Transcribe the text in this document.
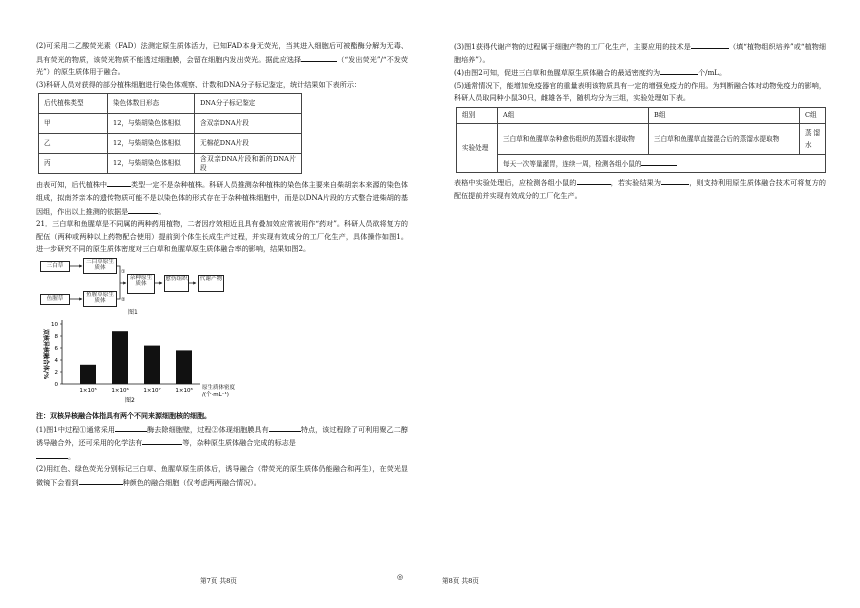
(2)可采用二乙酸荧光素（FAD）法测定原生质体活力，已知FAD本身无荧光，当其进入细胞后可被酯酶分解为无毒、具有荧光的物质，该荧光物质不能透过细胞膜，会留在细胞内发出荧光。据此应选择	（“发出荧光”/“不发荧光”）的原生质体用于融合。

(3)科研人员对获得的部分植株细胞进行染色体观察、计数和DNA分子标记鉴定，统计结果如下表所示：

后代植株类型	染色体数目形态	DNA分子标记鉴定
甲	12，与柴胡染色体相似	含双亲DNA片段
乙	12，与柴胡染色体相似	无棉花DNA片段
丙	12，与柴胡染色体相似	含双亲DNA片段和新的DNA片段

由表可知，后代植株中	类型一定不是杂种植株。科研人员推测杂种植株的染色体主要来自柴胡亲本来源的染色体组成，拟南芥亲本的遗传物质可能不是以染色体的形式存在于杂种植株细胞中，而是以DNA片段的方式整合进柴胡的基因组，作出以上推测的依据是	。

21．三白草和鱼腥草是不同属的两种药用植物，二者因疗效相近且具有叠加效应常被用作“药对”。科研人员欲将复方的配伍（两种或两种以上药物配合使用）提前到个体生长成生产过程，并实现有效成分的工厂化生产，具体操作如图1。进一步研究不同的原生质体密度对三白草和鱼腥草原生质体融合率的影响，结果如图2。

三白草
三白草原生质体
鱼腥草
鱼腥草原生质体
杂种原生质体
愈伤组织	代谢产物
①
②
图1
双核异核融合体/%
0
2
4
6
8
10
1×10⁵	1×10⁶	1×10⁷	1×10⁸ 原生质体密度
/(个·mL⁻¹)
图2

注：双核异核融合体指具有两个不同来源细胞核的细胞。

(1)图1中过程①通常采用	酶去除细胞壁，过程②体现细胞膜具有	特点，该过程除了可利用聚乙二醇诱导融合外，还可采用的化学法有	等，杂种原生质体融合完成的标志是
。

(2)用红色、绿色荧光分别标记三白草、鱼腥草原生质体后，诱导融合（带荧光的原生质体仍能融合和再生），在荧光显微镜下会看到	种颜色的融合细胞（仅考虑两两融合情况）。

第7页 共8页	◎

(3)图1获得代谢产物的过程属于细胞产物的工厂化生产，主要应用的技术是	（填“植物组织培养”或“植物细胞培养”）。

(4)由图2可知，促进三白草和鱼腥草原生质体融合的最适密度约为	个/mL。

(5)通常情况下，能增加免疫器官的重量表明该物质具有一定的增强免疫力的作用。为判断融合体对动物免疫力的影响，科研人员取同种小鼠30只，雌雄各半，随机均分为三组，实验处理如下表。

组别	A组	B组	C组
实验处理	三白草和鱼腥草杂种愈伤组织的蒸馏水提取物	三白草和鱼腥草直接混合后的蒸馏水提取物	蒸馏水
	每天一次等量灌胃，连续一周，检测各组小鼠的		

表格中实验处理后，应检测各组小鼠的	，若实验结果为	，则支持利用原生质体融合技术可将复方的配伍提前并实现有效成分的工厂化生产。

第8页 共8页
